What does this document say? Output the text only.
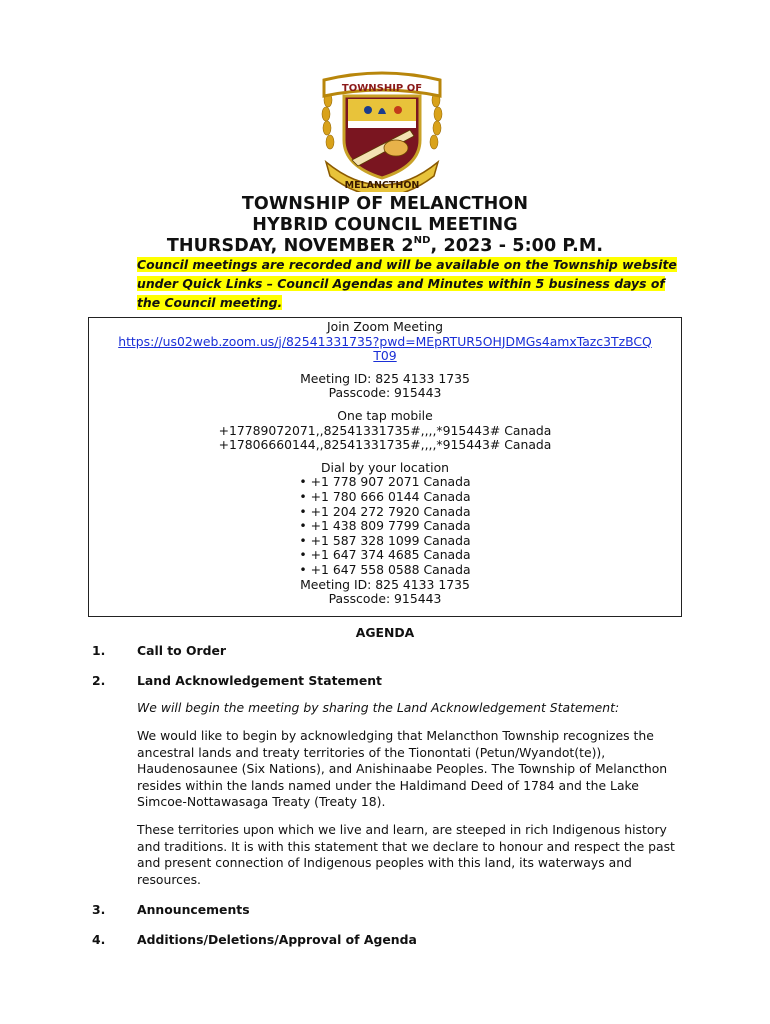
TOWNSHIP OF
MELANCTHON
TOWNSHIP OF MELANCTHON
HYBRID COUNCIL MEETING
THURSDAY, NOVEMBER 2ND, 2023 - 5:00 P.M.
Council meetings are recorded and will be available on the Township website under Quick Links – Council Agendas and Minutes within 5 business days of the Council meeting.
Join Zoom Meeting
https://us02web.zoom.us/j/82541331735?pwd=MEpRTUR5OHJDMGs4amxTazc3TzBCQ
T09
Meeting ID: 825 4133 1735
Passcode: 915443
One tap mobile
+17789072071,,82541331735#,,,,*915443# Canada
+17806660144,,82541331735#,,,,*915443# Canada
Dial by your location
• +1 778 907 2071 Canada
• +1 780 666 0144 Canada
• +1 204 272 7920 Canada
• +1 438 809 7799 Canada
• +1 587 328 1099 Canada
• +1 647 374 4685 Canada
• +1 647 558 0588 Canada
Meeting ID: 825 4133 1735
Passcode: 915443
AGENDA
1.	Call to Order
2.	Land Acknowledgement Statement
We will begin the meeting by sharing the Land Acknowledgement Statement:
We would like to begin by acknowledging that Melancthon Township recognizes the ancestral lands and treaty territories of the Tionontati (Petun/Wyandot(te)), Haudenosaunee (Six Nations), and Anishinaabe Peoples. The Township of Melancthon resides within the lands named under the Haldimand Deed of 1784 and the Lake Simcoe-Nottawasaga Treaty (Treaty 18).
These territories upon which we live and learn, are steeped in rich Indigenous history and traditions. It is with this statement that we declare to honour and respect the past and present connection of Indigenous peoples with this land, its waterways and resources.
3.	Announcements
4.	Additions/Deletions/Approval of Agenda
